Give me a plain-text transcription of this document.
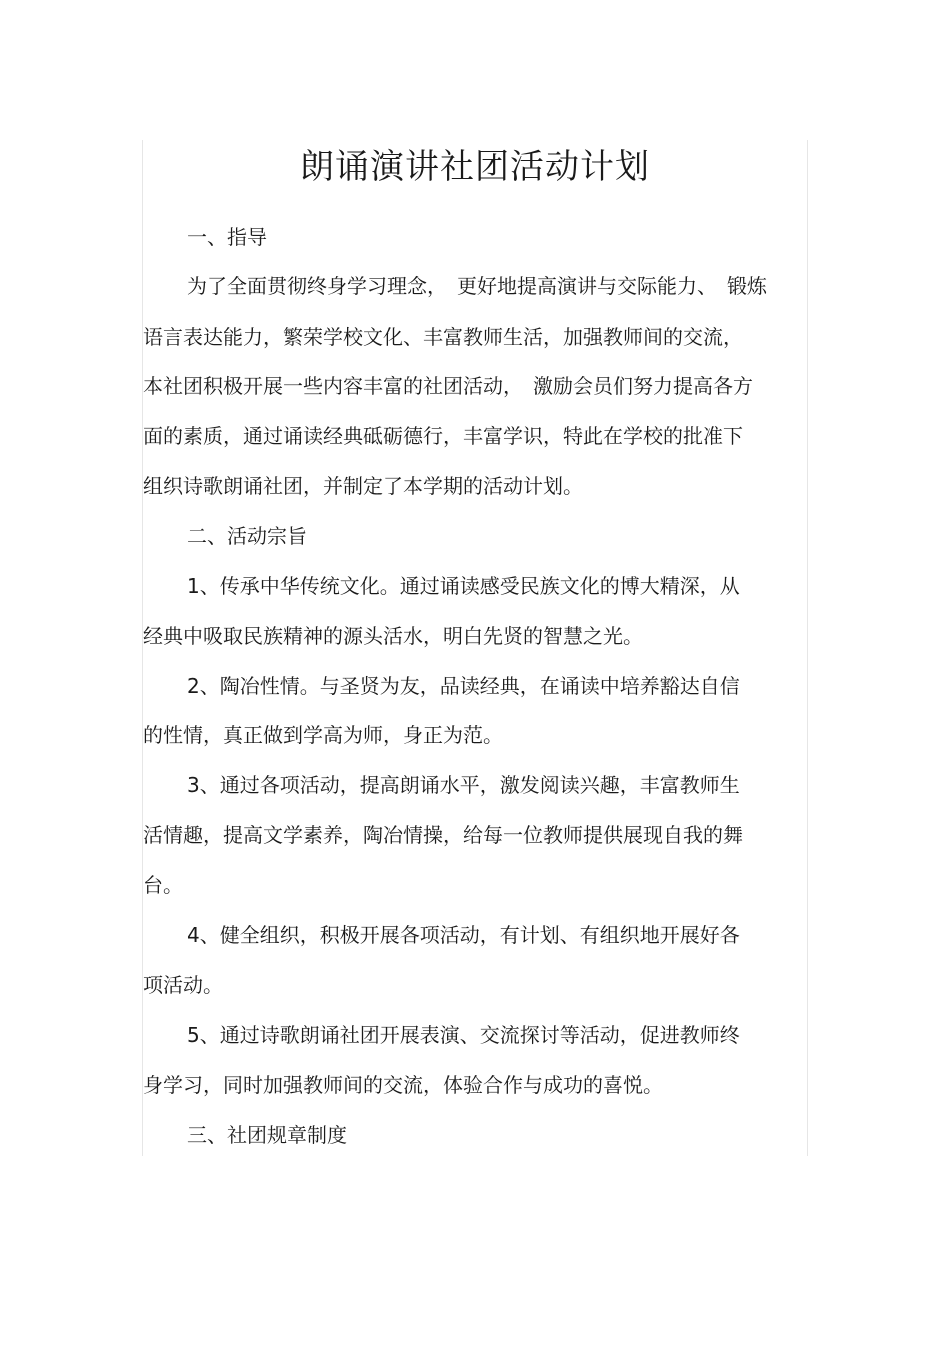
朗诵演讲社团活动计划

一、指导

为了全面贯彻终身学习理念，　更好地提高演讲与交际能力、　锻炼

语言表达能力，繁荣学校文化、丰富教师生活，加强教师间的交流，

本社团积极开展一些内容丰富的社团活动，　激励会员们努力提高各方

面的素质，通过诵读经典砥砺德行，丰富学识，特此在学校的批准下

组织诗歌朗诵社团，并制定了本学期的活动计划。

二、活动宗旨

1、传承中华传统文化。通过诵读感受民族文化的博大精深，从

经典中吸取民族精神的源头活水，明白先贤的智慧之光。

2、陶冶性情。与圣贤为友，品读经典，在诵读中培养豁达自信

的性情，真正做到学高为师，身正为范。

3、通过各项活动，提高朗诵水平，激发阅读兴趣，丰富教师生

活情趣，提高文学素养，陶冶情操，给每一位教师提供展现自我的舞

台。

4、健全组织，积极开展各项活动，有计划、有组织地开展好各

项活动。

5、通过诗歌朗诵社团开展表演、交流探讨等活动，促进教师终

身学习，同时加强教师间的交流，体验合作与成功的喜悦。

三、社团规章制度
